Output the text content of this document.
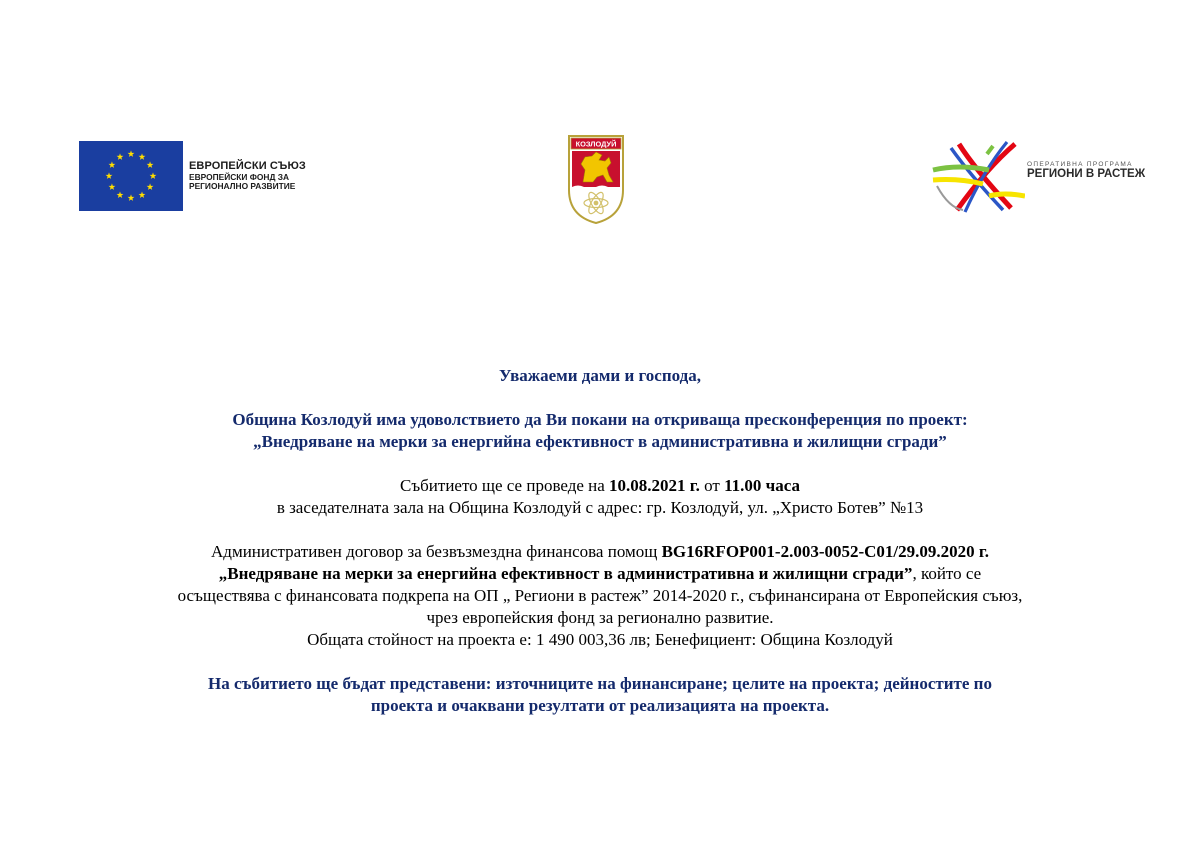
ЕВРОПЕЙСКИ СЪЮЗ
ЕВРОПЕЙСКИ ФОНД ЗА
РЕГИОНАЛНО РАЗВИТИЕ
КОЗЛОДУЙ
ОПЕРАТИВНА ПРОГРАМА
РЕГИОНИ В РАСТЕЖ

Уважаеми дами и господа,

Община Козлодуй има удоволствието да Ви покани на откриваща пресконференция по проект:

„Внедряване на мерки за енергийна ефективност в административна и жилищни сгради”

Събитието ще се проведе на 10.08.2021 г. от 11.00 часа

в заседателната зала на Община Козлодуй с адрес: гр. Козлодуй, ул. „Христо Ботев” №13

Административен договор за безвъзмездна финансова помощ BG16RFOP001-2.003-0052-C01/29.09.2020 г.

„Внедряване на мерки за енергийна ефективност в административна и жилищни сгради”, който се

осъществява с финансовата подкрепа на ОП „ Региони в растеж” 2014-2020 г., съфинансирана от Европейския съюз,

чрез европейския фонд за регионално развитие.

Общата стойност на проекта е: 1 490 003,36 лв; Бенефициент: Община Козлодуй

На събитието ще бъдат представени: източниците на финансиране; целите на проекта; дейностите по

проекта и очаквани резултати от реализацията на проекта.
